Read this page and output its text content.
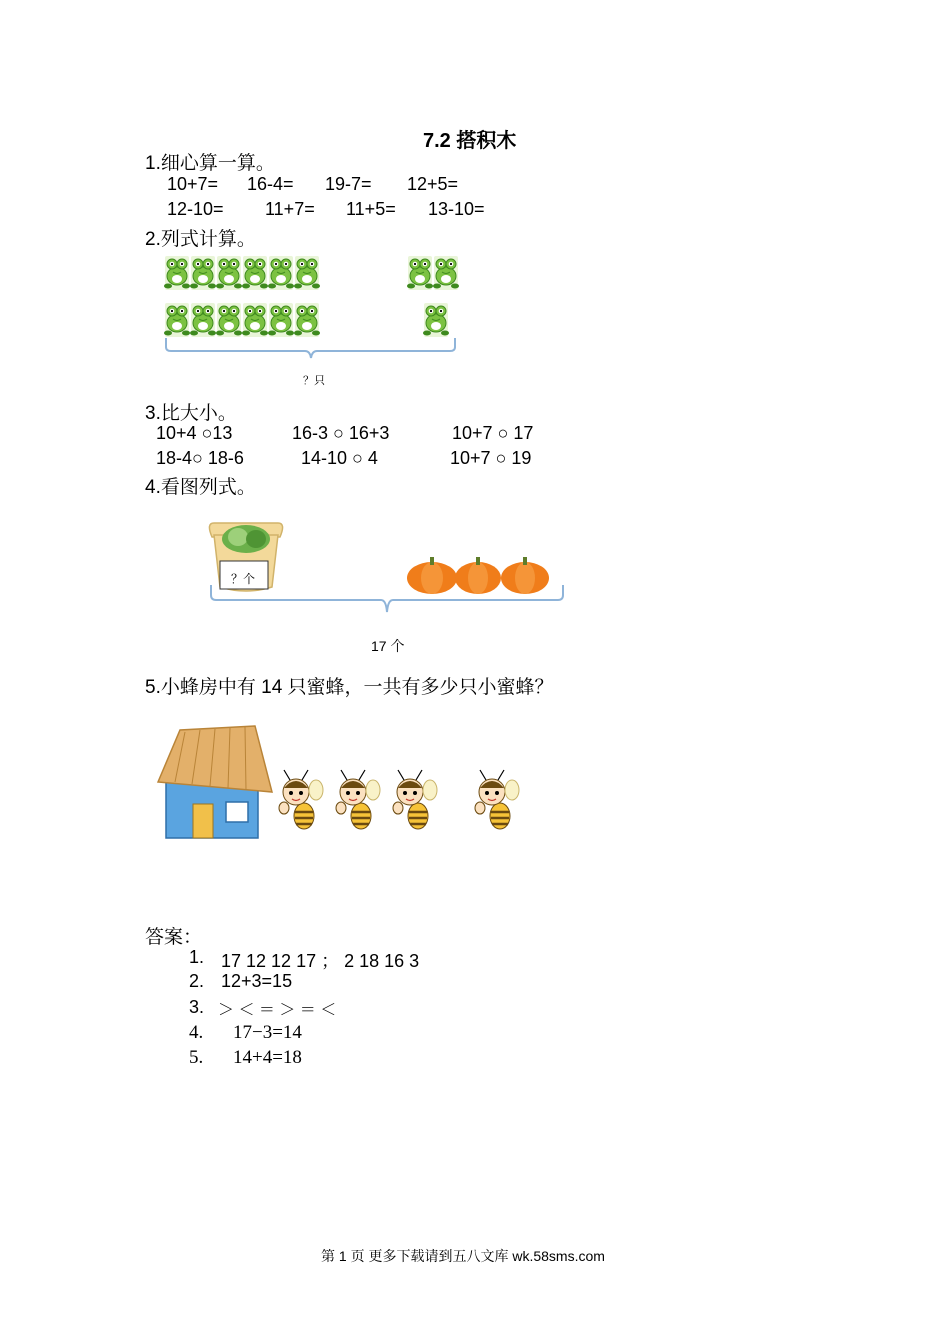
7.2 搭积木
1.细心算一算。
10+7= 16-4= 19-7= 12+5=
12-10= 11+7= 11+5= 13-10=
2.列式计算。
？只
3.比大小。
10+4 ○13	16-3 ○ 16+3	10+7 ○ 17
18-4○ 18-6	14-10 ○ 4	10+7 ○ 19
4.看图列式。
？个
17 个
5.小蜂房中有 14 只蜜蜂，一共有多少只小蜜蜂？
答案：
1. 17 12 12 17 ； 2 18 16 3
2. 12+3=15
3. ＞ ＜ ＝ ＞ ＝ ＜
4. 17−3=14
5. 14+4=18
第 1 页 更多下载请到五八文库 wk.58sms.com
